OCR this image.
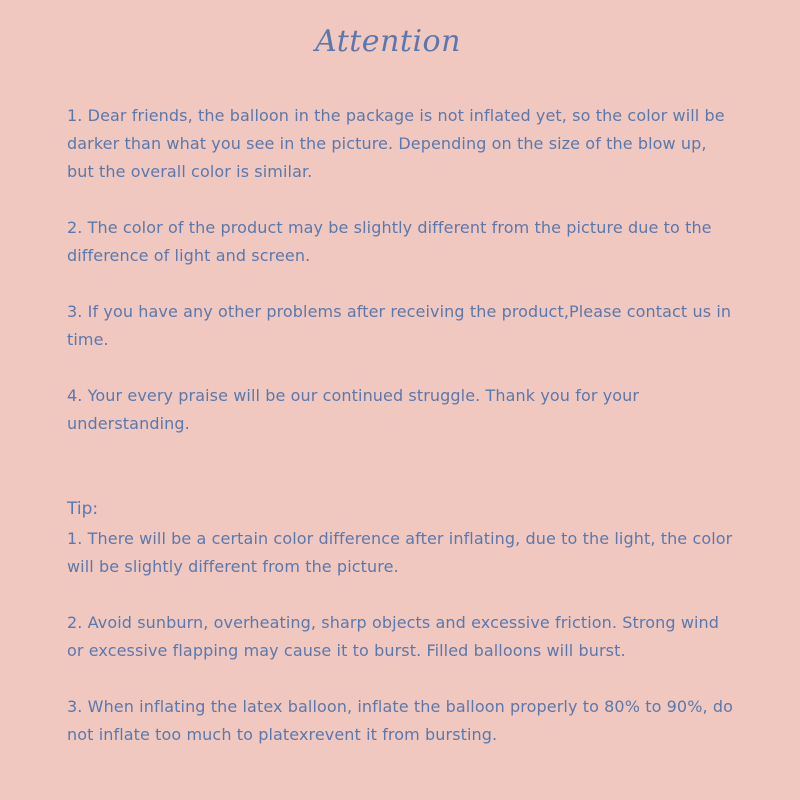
Attention
1. Dear friends, the balloon in the package is not inflated yet, so the color will be darker than what you see in the picture. Depending on the size of the blow up, but the overall color is similar.
2. The color of the product may be slightly different from the picture due to the difference of light and screen.
3. If you have any other problems after receiving the product,Please contact us in time.
4. Your every praise will be our continued struggle. Thank you for your understanding.
Tip:
1. There will be a certain color difference after inflating, due to the light, the color will be slightly different from the picture.
2. Avoid sunburn, overheating, sharp objects and excessive friction. Strong wind or excessive flapping may cause it to burst. Filled balloons will burst.
3. When inflating the latex balloon, inflate the balloon properly to 80% to 90%, do not inflate too much to platexrevent it from bursting.
